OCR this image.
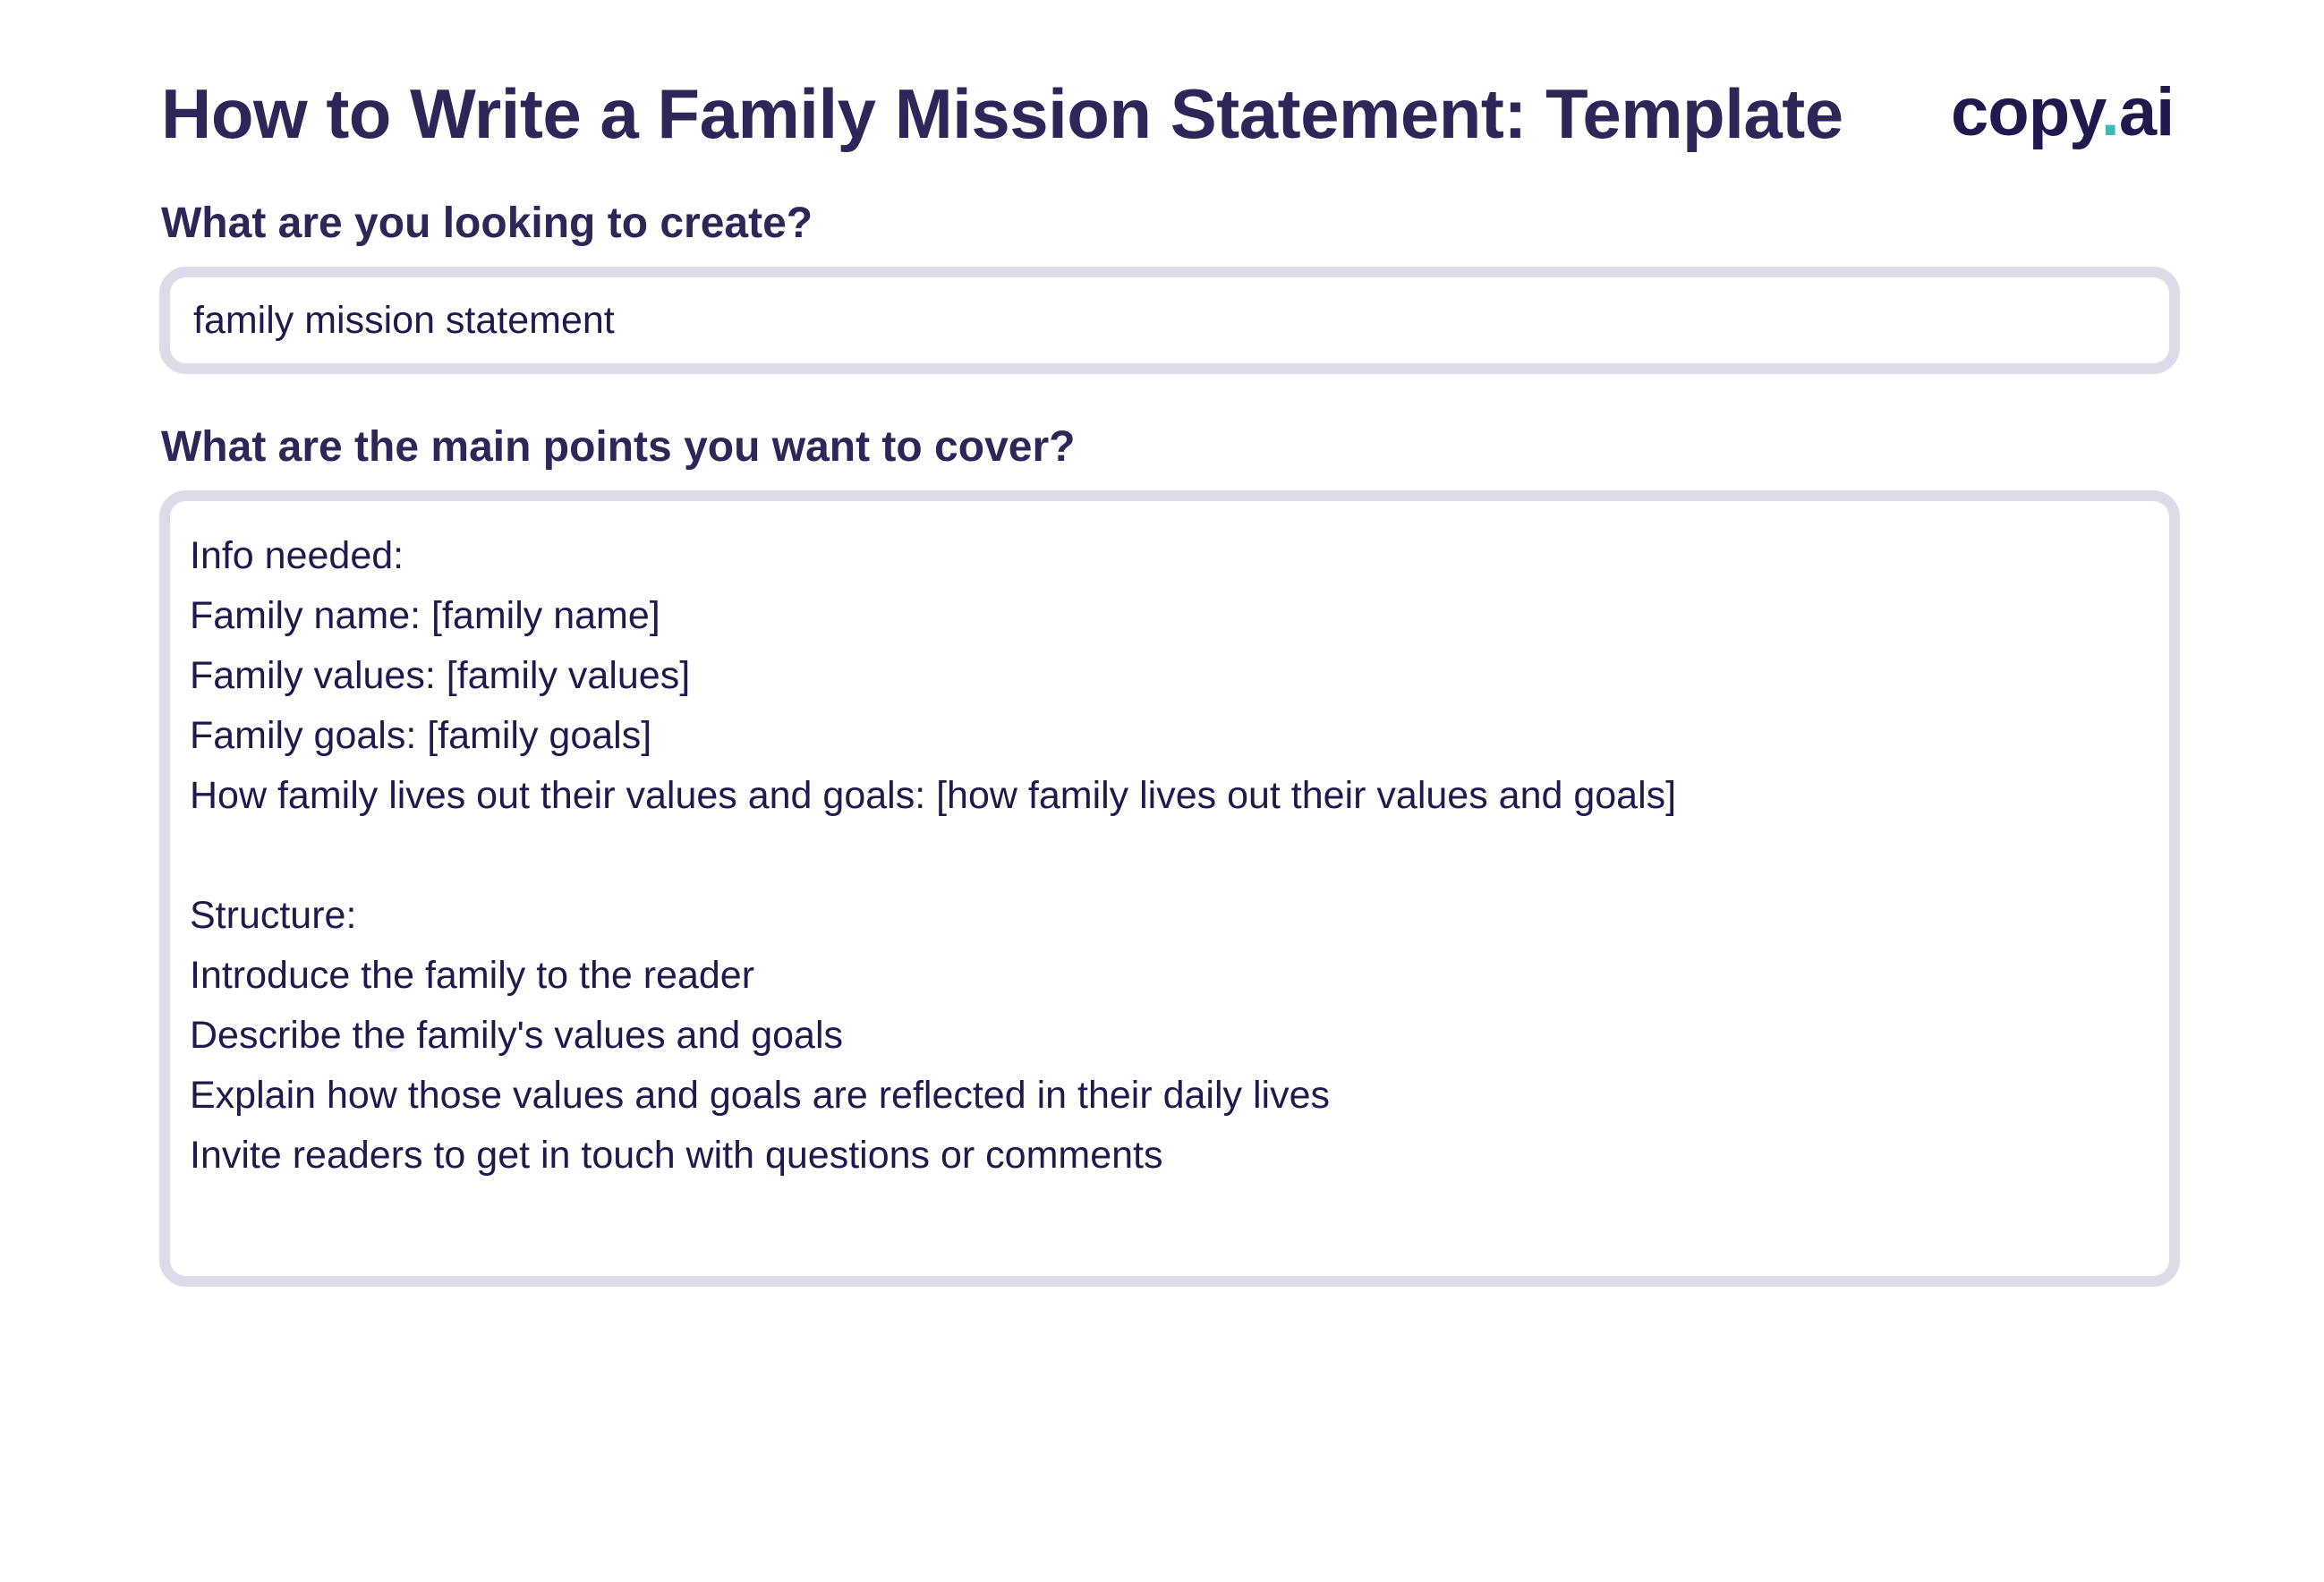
How to Write a Family Mission Statement: Template copy.ai
What are you looking to create?
family mission statement
What are the main points you want to cover?
Info needed: Family name: [family name] Family values: [family values] Family goals: [family goals] How family lives out their values and goals: [how family lives out their values and goals] Structure: Introduce the family to the reader Describe the family's values and goals Explain how those values and goals are reflected in their daily lives Invite readers to get in touch with questions or comments
